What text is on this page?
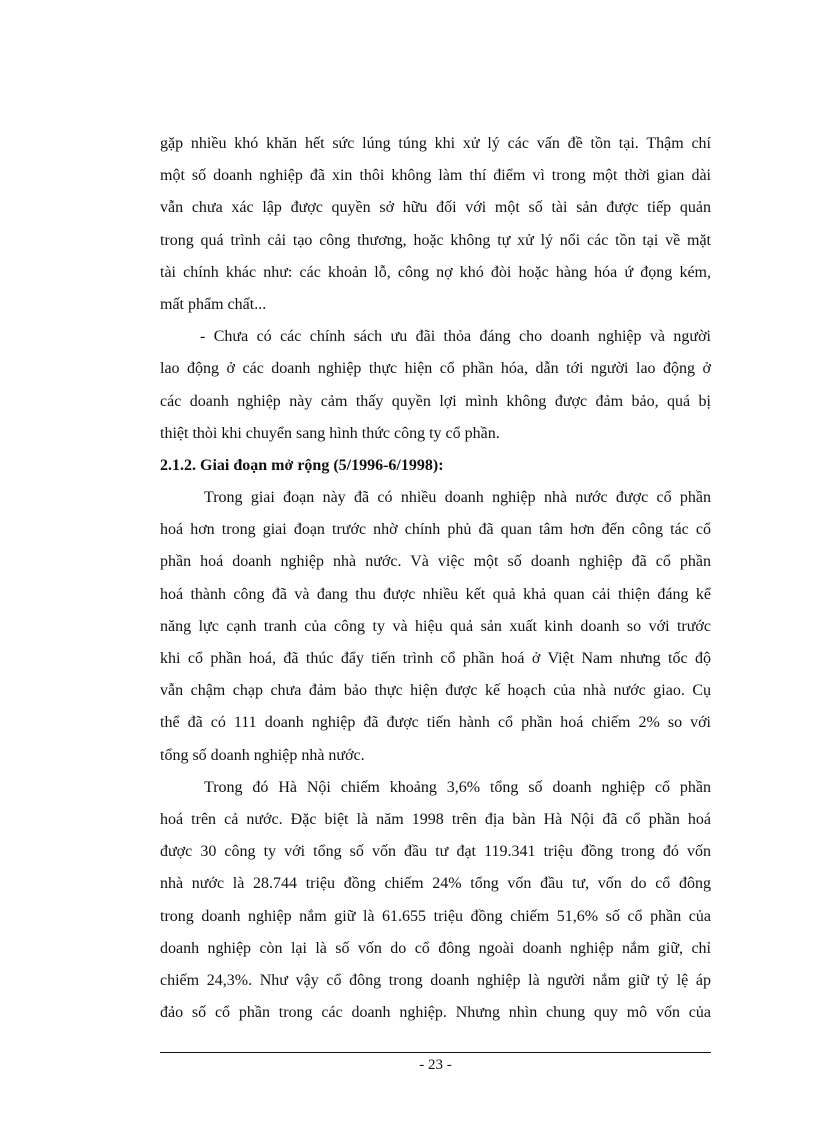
gặp nhiều khó khăn hết sức lúng túng khi xử lý các vấn đề tồn tại. Thậm chí
một số doanh nghiệp đã xin thôi không làm thí điểm vì trong một thời gian dài
vẫn chưa xác lập được quyền sở hữu đối với một số tài sản được tiếp quản
trong quá trình cải tạo công thương, hoặc không tự xử lý nổi các tồn tại về mặt
tài chính khác như: các khoản lỗ, công nợ khó đòi hoặc hàng hóa ứ đọng kém,
mất phẩm chất...
- Chưa có các chính sách ưu đãi thỏa đáng cho doanh nghiệp và người
lao động ở các doanh nghiệp thực hiện cổ phần hóa, dẫn tới người lao động ở
các doanh nghiệp này cảm thấy quyền lợi mình không được đảm bảo, quá bị
thiệt thòi khi chuyển sang hình thức công ty cổ phần.
2.1.2. Giai đoạn mở rộng (5/1996-6/1998):
Trong giai đoạn này đã có nhiều doanh nghiệp nhà nước được cổ phần
hoá hơn trong giai đoạn trước nhờ chính phủ đã quan tâm hơn đến công tác cổ
phần hoá doanh nghiệp nhà nước. Và việc một số doanh nghiệp đã cổ phần
hoá thành công đã và đang thu được nhiều kết quả khả quan cải thiện đáng kể
năng lực cạnh tranh của công ty và hiệu quả sản xuất kinh doanh so với trước
khi cổ phần hoá, đã thúc đẩy tiến trình cổ phần hoá ở Việt Nam nhưng tốc độ
vẫn chậm chạp chưa đảm bảo thực hiện được kế hoạch của nhà nước giao. Cụ
thể đã có 111 doanh nghiệp đã được tiến hành cổ phần hoá chiếm 2% so với
tổng số doanh nghiệp nhà nước.
Trong đó Hà Nội chiếm khoảng 3,6% tổng số doanh nghiệp cổ phần
hoá trên cả nước. Đặc biệt là năm 1998 trên địa bàn Hà Nội đã cổ phần hoá
được 30 công ty với tổng số vốn đầu tư đạt 119.341 triệu đồng trong đó vốn
nhà nước là 28.744 triệu đồng chiếm 24% tổng vốn đầu tư, vốn do cổ đông
trong doanh nghiệp nắm giữ là 61.655 triệu đồng chiếm 51,6% số cổ phần của
doanh nghiệp còn lại là số vốn do cổ đông ngoài doanh nghiệp nắm giữ, chỉ
chiếm 24,3%. Như vậy cổ đông trong doanh nghiệp là người nắm giữ tỷ lệ áp
đảo số cổ phần trong các doanh nghiệp. Nhưng nhìn chung quy mô vốn của
- 23 -
